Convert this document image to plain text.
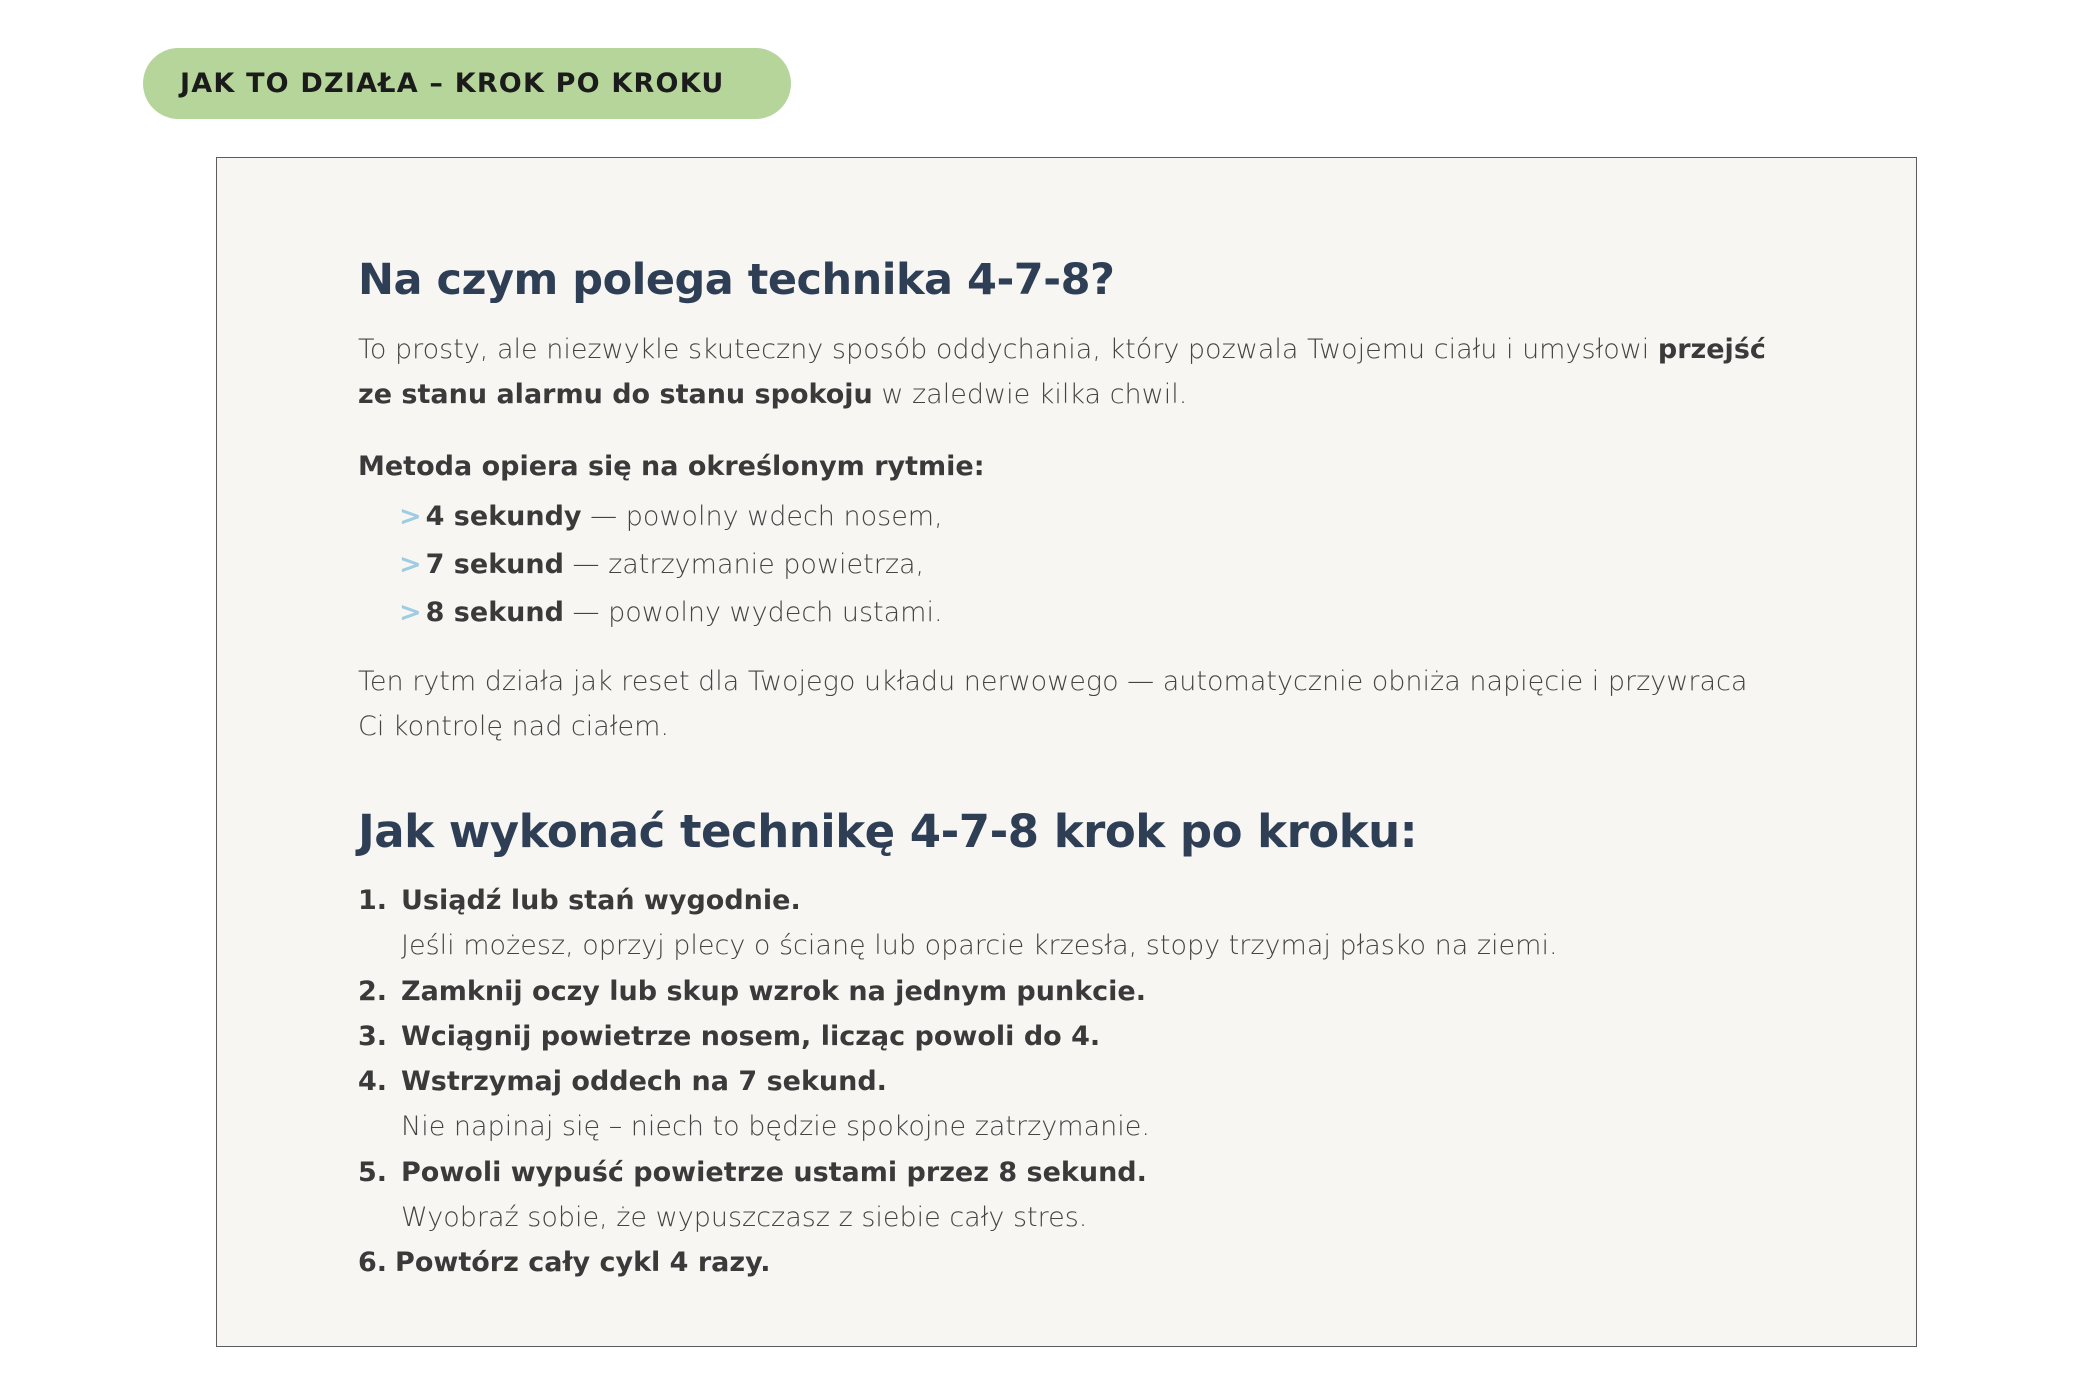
JAK TO DZIAŁA – KROK PO KROKU
Na czym polega technika 4-7-8?

To prosty, ale niezwykle skuteczny sposób oddychania, który pozwala Twojemu ciału i umysłowi przejść ze stanu alarmu do stanu spokoju w zaledwie kilka chwil.

Metoda opiera się na określonym rytmie:

> 4 sekundy — powolny wdech nosem,
> 7 sekund — zatrzymanie powietrza,
> 8 sekund — powolny wydech ustami.

Ten rytm działa jak reset dla Twojego układu nerwowego — automatycznie obniża napięcie i przywraca Ci kontrolę nad ciałem.

Jak wykonać technikę 4-7-8 krok po kroku:
1. Usiądź lub stań wygodnie.
Jeśli możesz, oprzyj plecy o ścianę lub oparcie krzesła, stopy trzymaj płasko na ziemi.
2. Zamknij oczy lub skup wzrok na jednym punkcie.
3. Wciągnij powietrze nosem, licząc powoli do 4.
4. Wstrzymaj oddech na 7 sekund.
Nie napinaj się – niech to będzie spokojne zatrzymanie.
5. Powoli wypuść powietrze ustami przez 8 sekund.
Wyobraź sobie, że wypuszczasz z siebie cały stres.
6. Powtórz cały cykl 4 razy.
